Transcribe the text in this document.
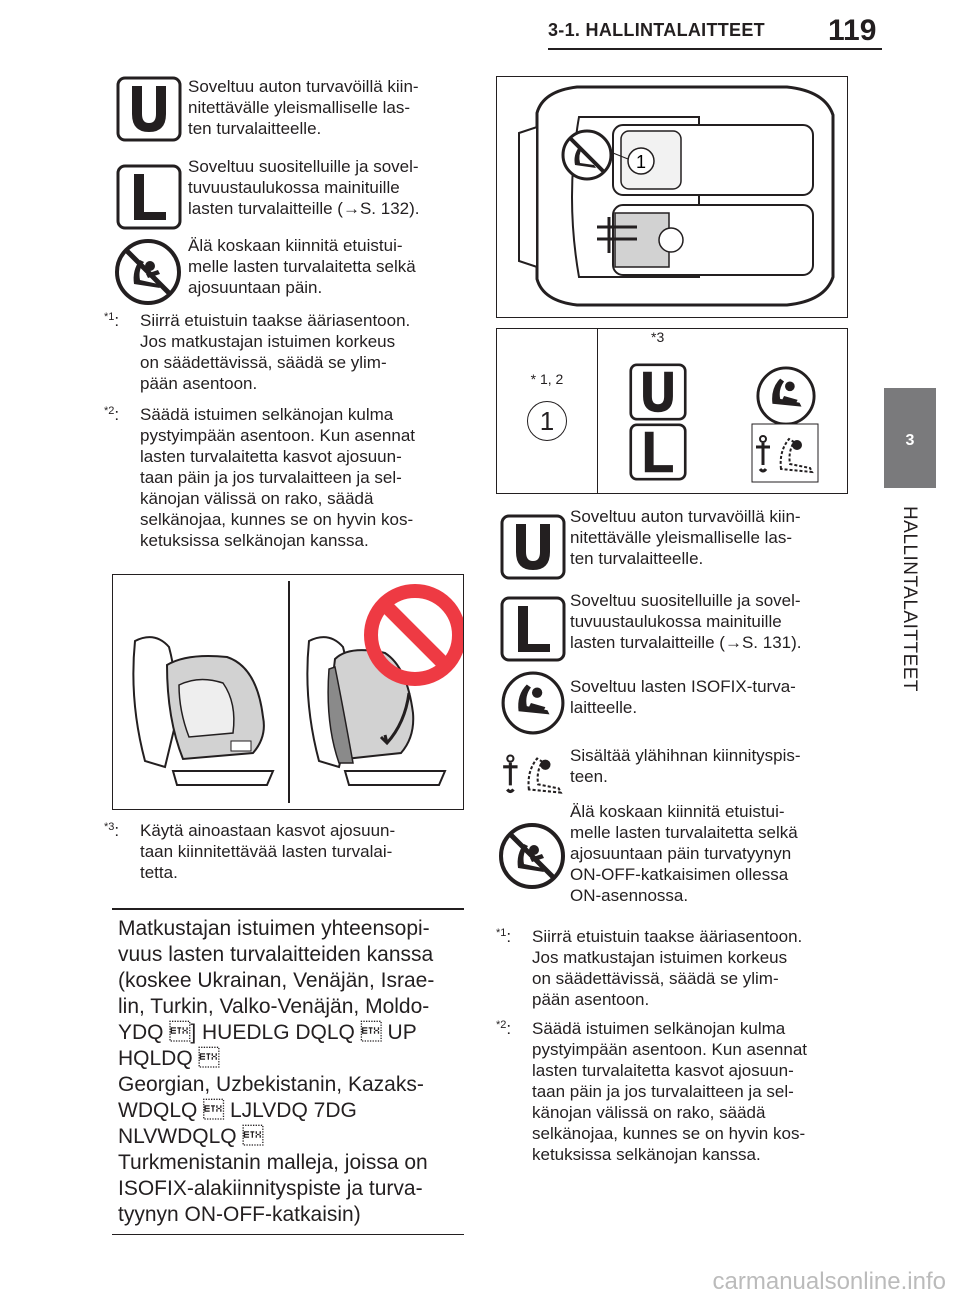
3-1. HALLINTALAITTEET 119
3
HALLINTALAITTEET
Soveltuu auton turvavöillä kiin-
nitettävälle yleismalliselle las-
ten turvalaitteelle.
Soveltuu suositelluille ja sovel-
tuvuustaulukossa mainituille
lasten turvalaitteille (→S. 132).
Älä koskaan kiinnitä etuistui-
melle lasten turvalaitetta selkä
ajosuuntaan päin.
$^{*1}$:	Siirrä etuistuin taakse ääriasentoon.
Jos matkustajan istuimen korkeus
on säädettävissä, säädä se ylim-
pään asentoon.
$^{*2}$:	Säädä istuimen selkänojan kulma
pystyimpään asentoon. Kun asennat
lasten turvalaitetta kasvot ajosuun-
taan päin ja jos turvalaitteen ja sel-
känojan välissä on rako, säädä
selkänojaa, kunnes se on hyvin kos-
ketuksissa selkänojan kanssa.
$^{*3}$:	Käytä ainoastaan kasvot ajosuun-
taan kiinnitettävää lasten turvalai-
tetta.
Matkustajan istuimen yhteensopi-
vuus lasten turvalaitteiden kanssa
(koskee Ukrainan, Venäjän, Israe-
lin, Turkin, Valko-Venäjän, Moldo-
YDQ ] HUEDLG DQLQ  UP HQLDQ 
Georgian, Uzbekistanin, Kazaks-
WDQLQ  LJLVDQ 7DG NLVWDQLQ 
Turkmenistanin malleja, joissa on
ISOFIX-alakiinnityspiste ja turva-
tyynyn ON-OFF-katkaisin)
1
* 1, 2
1
*3
Soveltuu auton turvavöillä kiin-
nitettävälle yleismalliselle las-
ten turvalaitteelle.
Soveltuu suositelluille ja sovel-
tuvuustaulukossa mainituille
lasten turvalaitteille (→S. 131).
Soveltuu lasten ISOFIX-turva-
laitteelle.
Sisältää ylähihnan kiinnityspis-
teen.
Älä koskaan kiinnitä etuistui-
melle lasten turvalaitetta selkä
ajosuuntaan päin turvatyynyn
ON-OFF-katkaisimen ollessa
ON-asennossa.
$^{*1}$:	Siirrä etuistuin taakse ääriasentoon.
Jos matkustajan istuimen korkeus
on säädettävissä, säädä se ylim-
pään asentoon.
$^{*2}$:	Säädä istuimen selkänojan kulma
pystyimpään asentoon. Kun asennat
lasten turvalaitetta kasvot ajosuun-
taan päin ja jos turvalaitteen ja sel-
känojan välissä on rako, säädä
selkänojaa, kunnes se on hyvin kos-
ketuksissa selkänojan kanssa.
carmanualsonline.info
